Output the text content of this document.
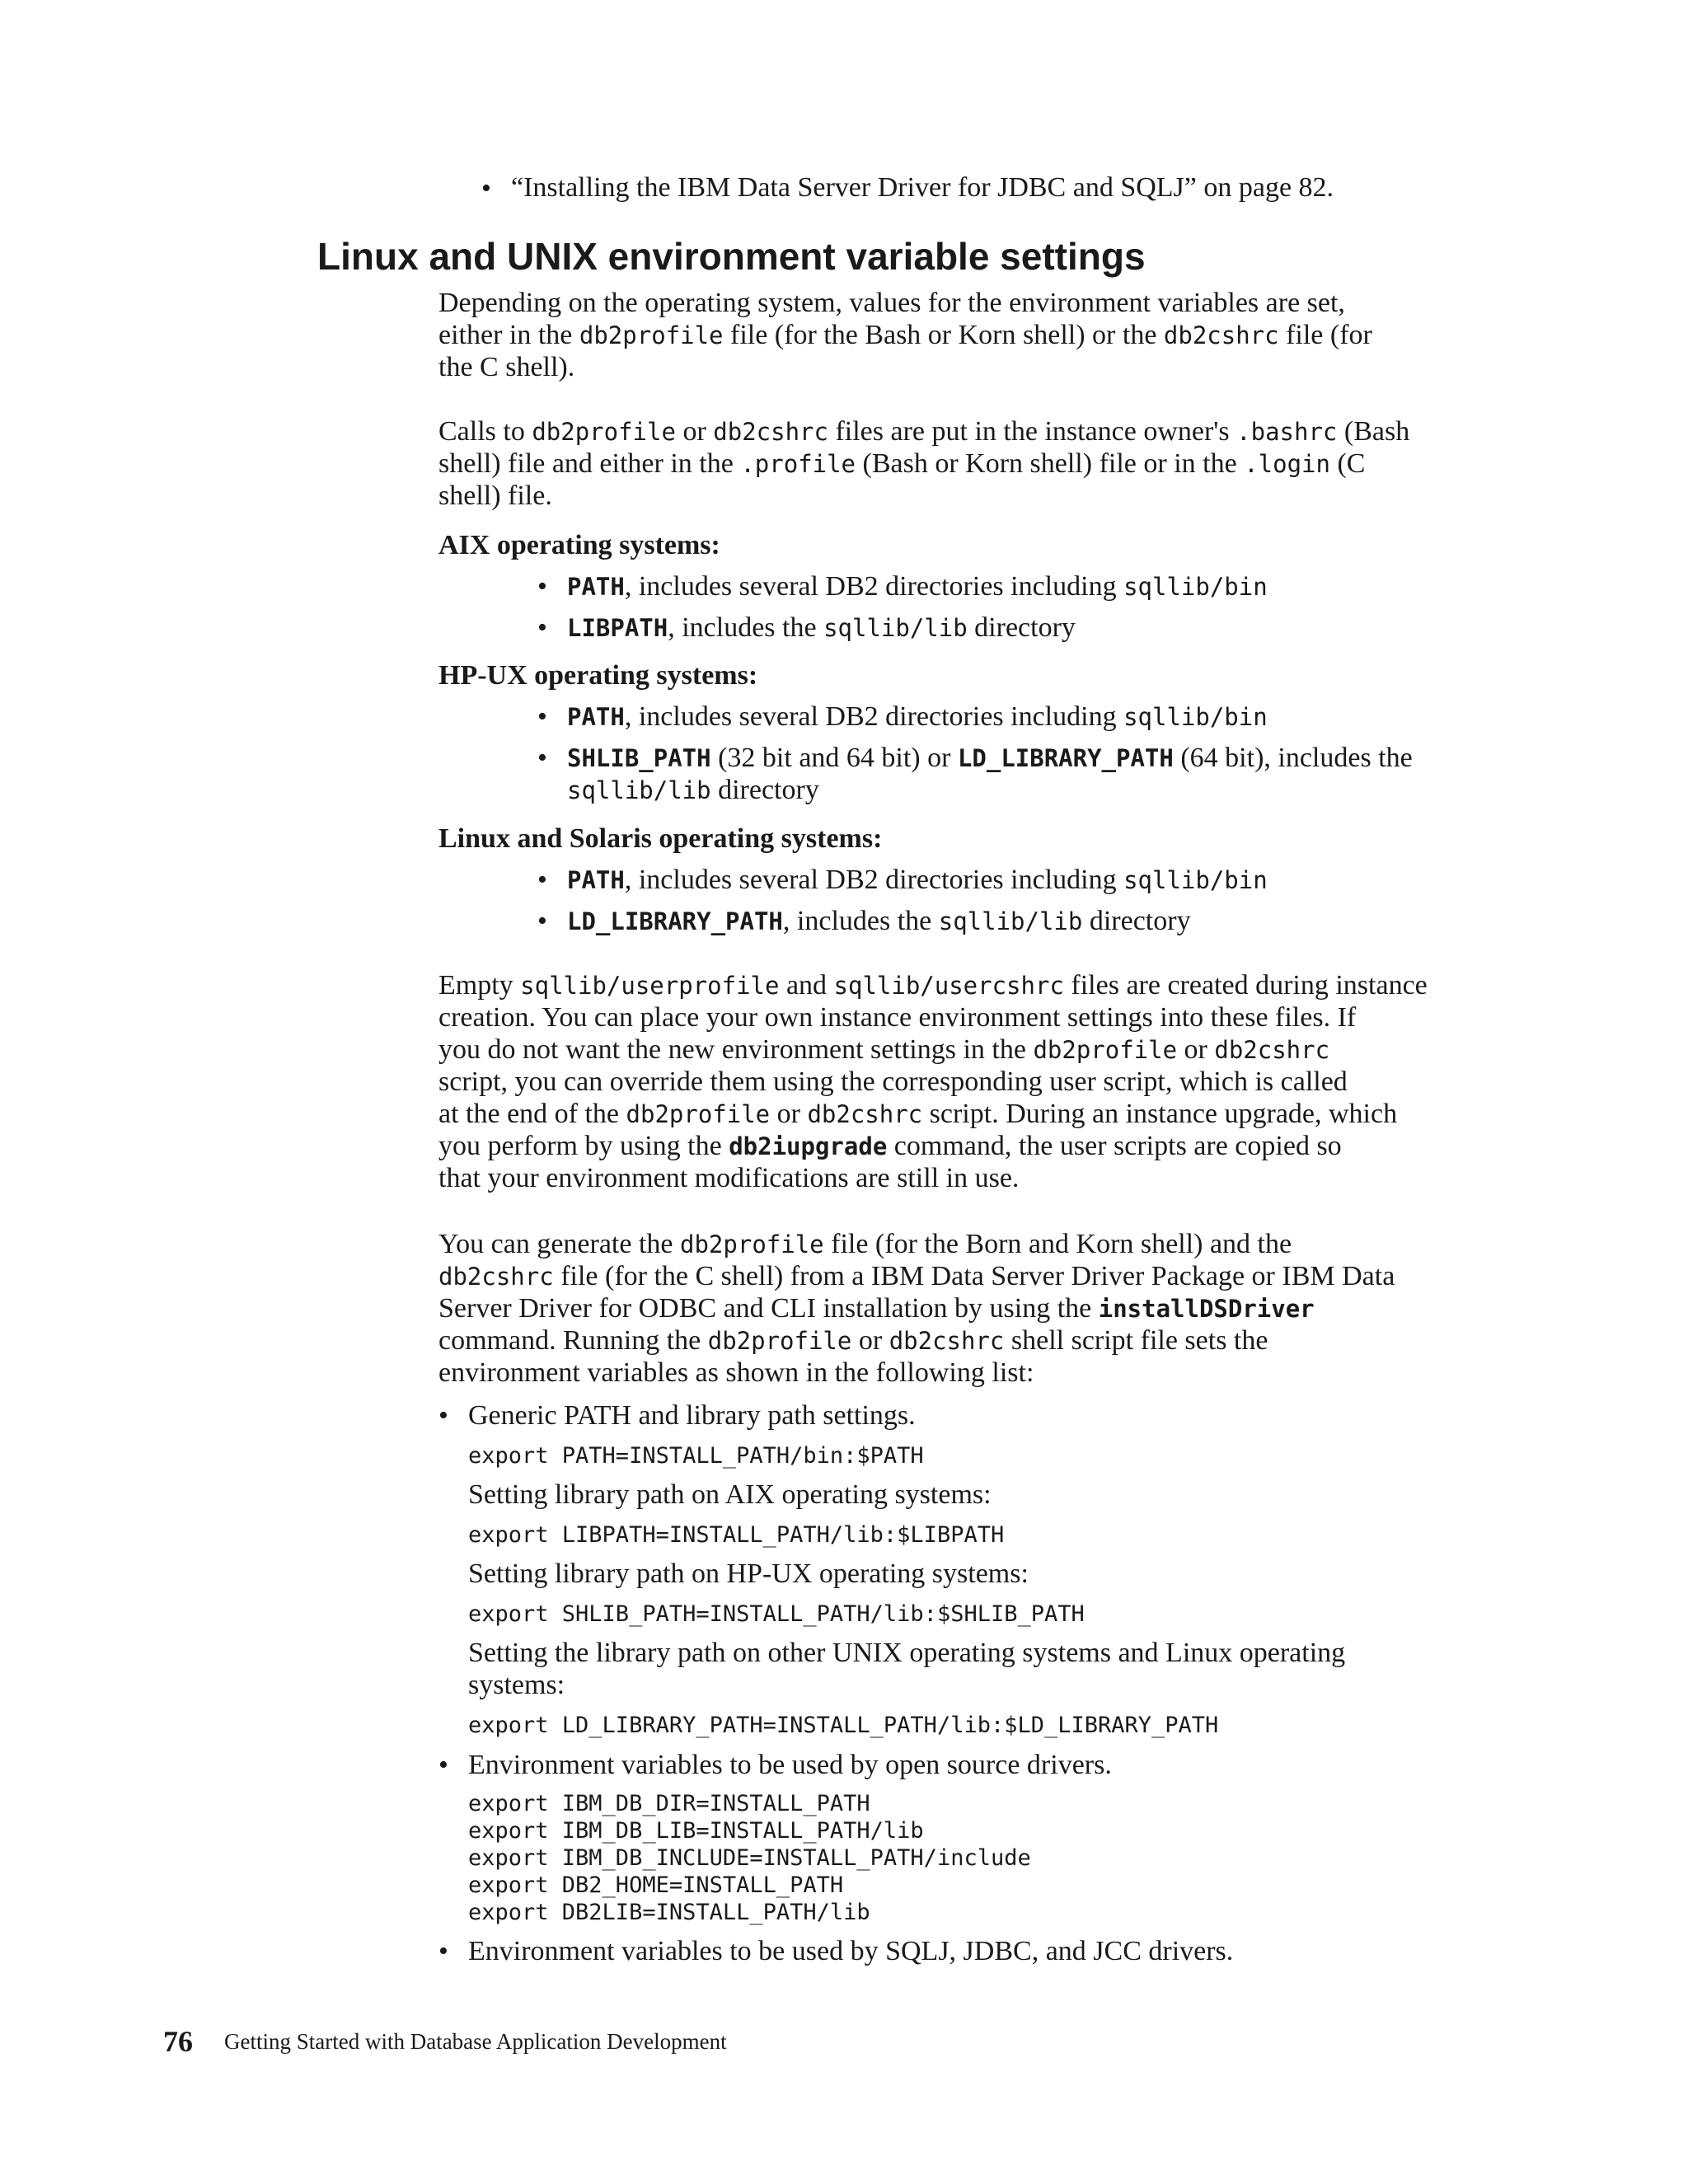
• “Installing the IBM Data Server Driver for JDBC and SQLJ” on page 82.
Linux and UNIX environment variable settings
Depending on the operating system, values for the environment variables are set,
either in the db2profile file (for the Bash or Korn shell) or the db2cshrc file (for
the C shell).
Calls to db2profile or db2cshrc files are put in the instance owner's .bashrc (Bash
shell) file and either in the .profile (Bash or Korn shell) file or in the .login (C
shell) file.
AIX operating systems:
• PATH, includes several DB2 directories including sqllib/bin
• LIBPATH, includes the sqllib/lib directory
HP-UX operating systems:
• PATH, includes several DB2 directories including sqllib/bin
• SHLIB_PATH (32 bit and 64 bit) or LD_LIBRARY_PATH (64 bit), includes the
sqllib/lib directory
Linux and Solaris operating systems:
• PATH, includes several DB2 directories including sqllib/bin
• LD_LIBRARY_PATH, includes the sqllib/lib directory
Empty sqllib/userprofile and sqllib/usercshrc files are created during instance
creation. You can place your own instance environment settings into these files. If
you do not want the new environment settings in the db2profile or db2cshrc
script, you can override them using the corresponding user script, which is called
at the end of the db2profile or db2cshrc script. During an instance upgrade, which
you perform by using the db2iupgrade command, the user scripts are copied so
that your environment modifications are still in use.
You can generate the db2profile file (for the Born and Korn shell) and the
db2cshrc file (for the C shell) from a IBM Data Server Driver Package or IBM Data
Server Driver for ODBC and CLI installation by using the installDSDriver
command. Running the db2profile or db2cshrc shell script file sets the
environment variables as shown in the following list:
• Generic PATH and library path settings.
export PATH=INSTALL_PATH/bin:$PATH
Setting library path on AIX operating systems:
export LIBPATH=INSTALL_PATH/lib:$LIBPATH
Setting library path on HP-UX operating systems:
export SHLIB_PATH=INSTALL_PATH/lib:$SHLIB_PATH
Setting the library path on other UNIX operating systems and Linux operating
systems:
export LD_LIBRARY_PATH=INSTALL_PATH/lib:$LD_LIBRARY_PATH
• Environment variables to be used by open source drivers.
export IBM_DB_DIR=INSTALL_PATH
export IBM_DB_LIB=INSTALL_PATH/lib
export IBM_DB_INCLUDE=INSTALL_PATH/include
export DB2_HOME=INSTALL_PATH
export DB2LIB=INSTALL_PATH/lib
• Environment variables to be used by SQLJ, JDBC, and JCC drivers.
76 Getting Started with Database Application Development
